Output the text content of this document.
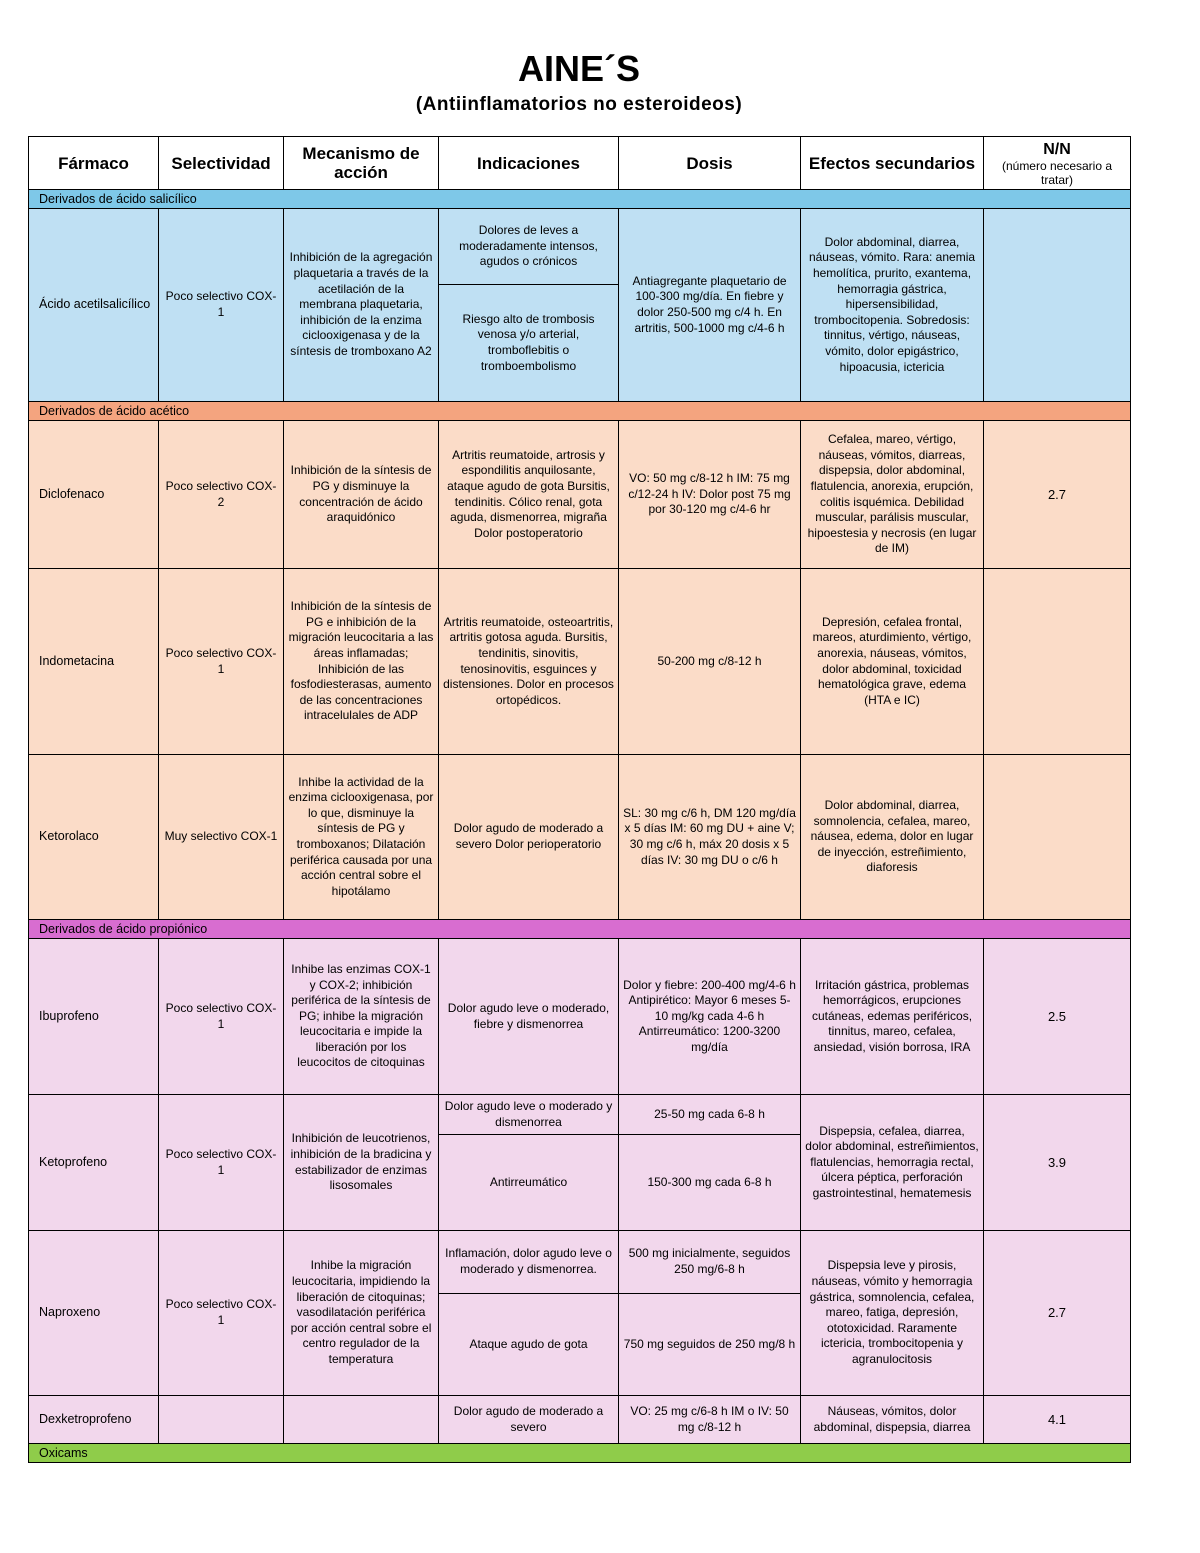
AINE´S
(Antiinflamatorios no esteroideos)
Fármaco	Selectividad	Mecanismo de acción	Indicaciones	Dosis	Efectos secundarios	N/N
(número necesario a tratar)

Derivados de ácido salicílico						
Ácido acetilsalicílico	Poco selectivo COX-1	Inhibición de la agregación plaquetaria a través de la acetilación de la membrana plaquetaria, inhibición de la enzima ciclooxigenasa y de la síntesis de tromboxano A2	Dolores de leves a moderadamente intensos, agudos o crónicos	Antiagregante plaquetario de 100-300 mg/día. En fiebre y dolor 250-500 mg c/4 h. En artritis, 500-1000 mg c/4-6 h	Dolor abdominal, diarrea, náuseas, vómito. Rara: anemia hemolítica, prurito, exantema, hemorragia gástrica, hipersensibilidad, trombocitopenia. Sobredosis: tinnitus, vértigo, náuseas, vómito, dolor epigástrico, hipoacusia, ictericia	
			Riesgo alto de trombosis venosa y/o arterial, tromboflebitis o tromboembolismo			
Derivados de ácido acético						
Diclofenaco	Poco selectivo COX-2	Inhibición de la síntesis de PG y disminuye la concentración de ácido araquidónico	Artritis reumatoide, artrosis y espondilitis anquilosante, ataque agudo de gota Bursitis, tendinitis. Cólico renal, gota aguda, dismenorrea, migraña Dolor postoperatorio	VO: 50 mg c/8-12 h IM: 75 mg c/12-24 h IV: Dolor post 75 mg por 30-120 mg c/4-6 hr	Cefalea, mareo, vértigo, náuseas, vómitos, diarreas, dispepsia, dolor abdominal, flatulencia, anorexia, erupción, colitis isquémica. Debilidad muscular, parálisis muscular, hipoestesia y necrosis (en lugar de IM)	2.7
Indometacina	Poco selectivo COX-1	Inhibición de la síntesis de PG e inhibición de la migración leucocitaria a las áreas inflamadas; Inhibición de las fosfodiesterasas, aumento de las concentraciones intracelulales de ADP	Artritis reumatoide, osteoartritis, artritis gotosa aguda. Bursitis, tendinitis, sinovitis, tenosinovitis, esguinces y distensiones. Dolor en procesos ortopédicos.	50-200 mg c/8-12 h	Depresión, cefalea frontal, mareos, aturdimiento, vértigo, anorexia, náuseas, vómitos, dolor abdominal, toxicidad hematológica grave, edema (HTA e IC)	
Ketorolaco	Muy selectivo COX-1	Inhibe la actividad de la enzima ciclooxigenasa, por lo que, disminuye la síntesis de PG y tromboxanos; Dilatación periférica causada por una acción central sobre el hipotálamo	Dolor agudo de moderado a severo Dolor perioperatorio	SL: 30 mg c/6 h, DM 120 mg/día x 5 días IM: 60 mg DU + aine V; 30 mg c/6 h, máx 20 dosis x 5 días IV: 30 mg DU o c/6 h	Dolor abdominal, diarrea, somnolencia, cefalea, mareo, náusea, edema, dolor en lugar de inyección, estreñimiento, diaforesis	
Derivados de ácido propiónico						
Ibuprofeno	Poco selectivo COX-1	Inhibe las enzimas COX-1 y COX-2; inhibición periférica de la síntesis de PG; inhibe la migración leucocitaria e impide la liberación por los leucocitos de citoquinas	Dolor agudo leve o moderado, fiebre y dismenorrea	Dolor y fiebre: 200-400 mg/4-6 h Antipirético: Mayor 6 meses 5-10 mg/kg cada 4-6 h Antirreumático: 1200-3200 mg/día	Irritación gástrica, problemas hemorrágicos, erupciones cutáneas, edemas periféricos, tinnitus, mareo, cefalea, ansiedad, visión borrosa, IRA	2.5
Ketoprofeno	Poco selectivo COX-1	Inhibición de leucotrienos, inhibición de la bradicina y estabilizador de enzimas lisosomales	Dolor agudo leve o moderado y dismenorrea	25-50 mg cada 6-8 h	Dispepsia, cefalea, diarrea, dolor abdominal, estreñimientos, flatulencias, hemorragia rectal, úlcera péptica, perforación gastrointestinal, hematemesis	3.9
			Antirreumático	150-300 mg cada 6-8 h		
Naproxeno	Poco selectivo COX-1	Inhibe la migración leucocitaria, impidiendo la liberación de citoquinas; vasodilatación periférica por acción central sobre el centro regulador de la temperatura	Inflamación, dolor agudo leve o moderado y dismenorrea.	500 mg inicialmente, seguidos 250 mg/6-8 h	Dispepsia leve y pirosis, náuseas, vómito y hemorragia gástrica, somnolencia, cefalea, mareo, fatiga, depresión, ototoxicidad. Raramente ictericia, trombocitopenia y agranulocitosis	2.7
			Ataque agudo de gota	750 mg seguidos de 250 mg/8 h		
Dexketroprofeno			Dolor agudo de moderado a severo	VO: 25 mg c/6-8 h IM o IV: 50 mg c/8-12 h	Náuseas, vómitos, dolor abdominal, dispepsia, diarrea	4.1
Oxicams						
